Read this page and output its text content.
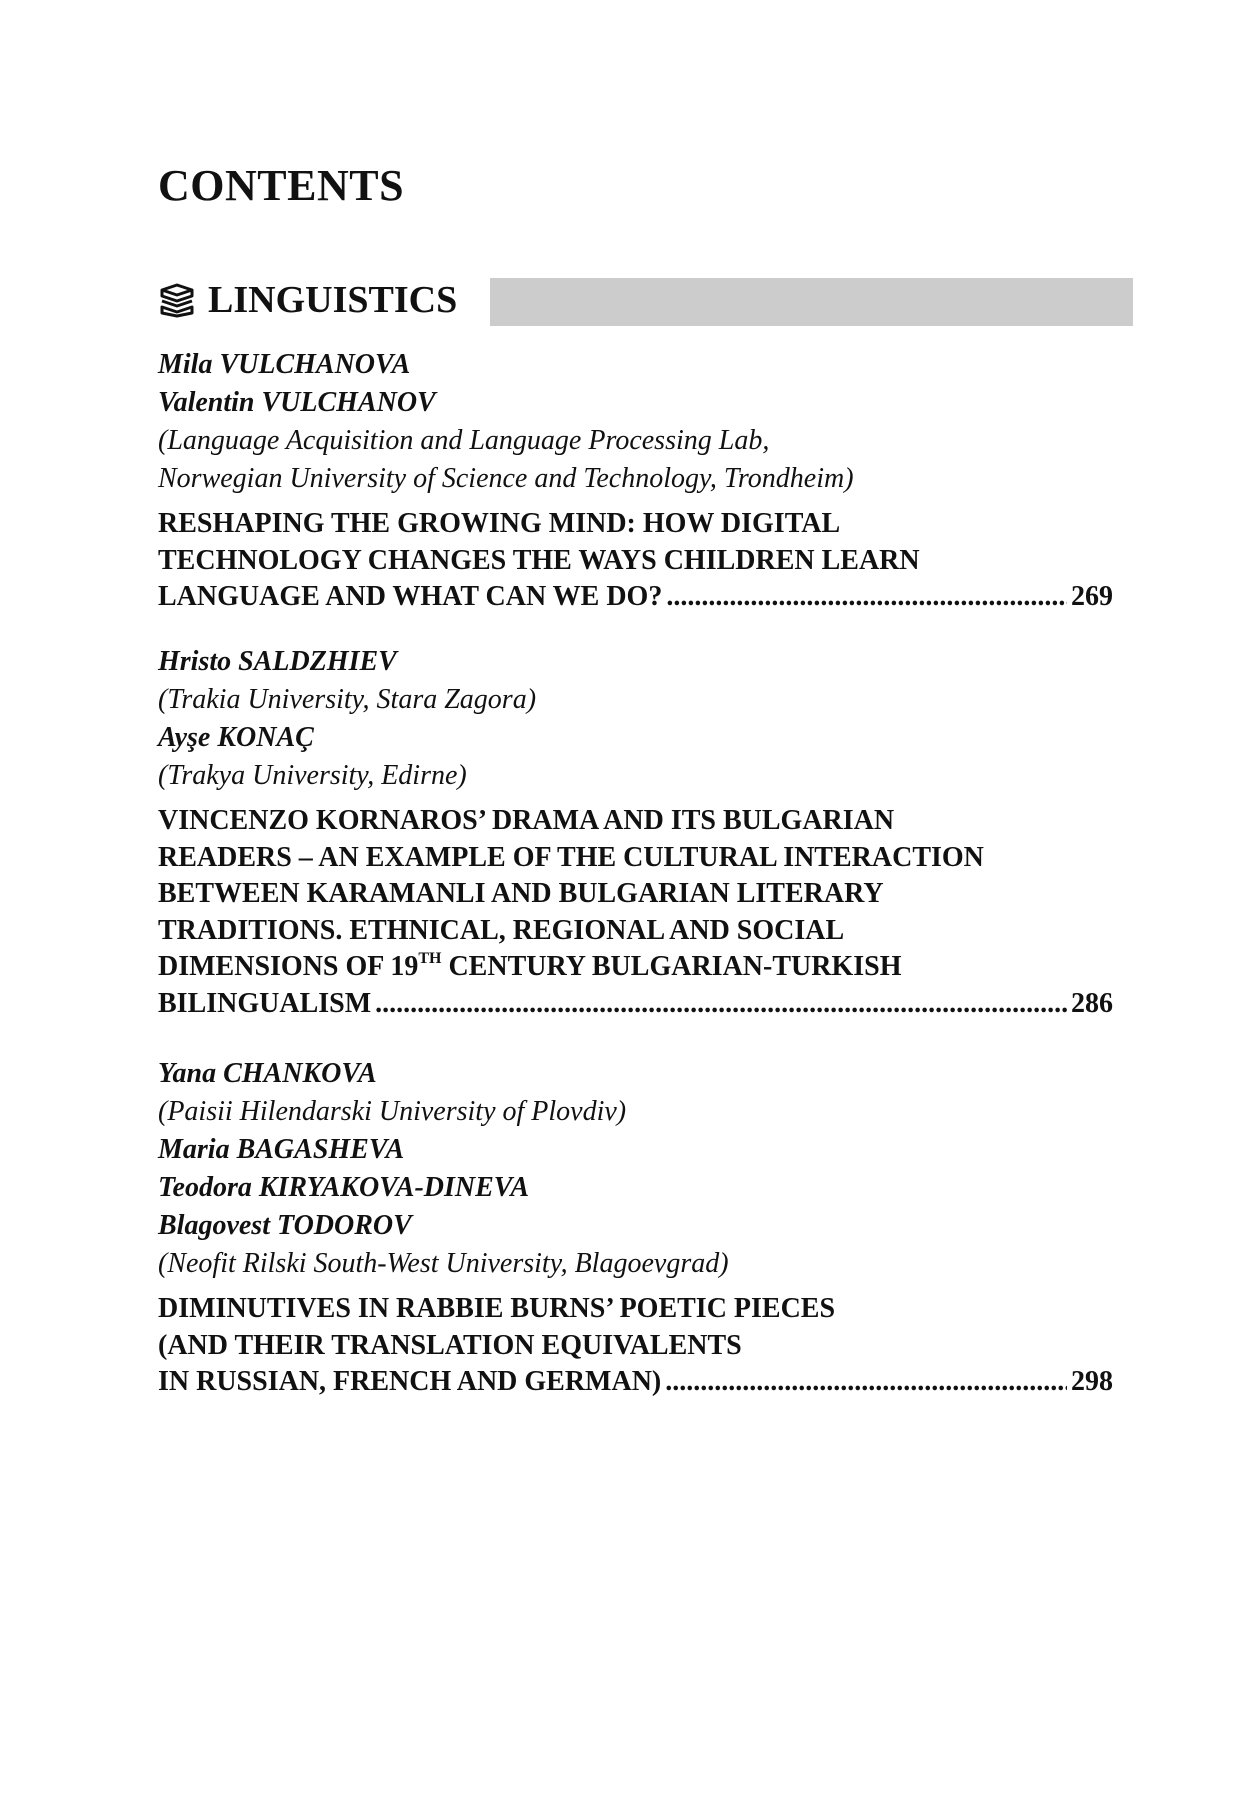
CONTENTS
LINGUISTICS
Mila VULCHANOVA
Valentin VULCHANOV
(Language Acquisition and Language Processing Lab,
Norwegian University of Science and Technology, Trondheim)
RESHAPING THE GROWING MIND: HOW DIGITAL
TECHNOLOGY CHANGES THE WAYS CHILDREN LEARN
LANGUAGE AND WHAT CAN WE DO? .....	269
Hristo SALDZHIEV
(Trakia University, Stara Zagora)
Ayşe KONAÇ
(Trakya University, Edirne)
VINCENZO KORNAROS’ DRAMA AND ITS BULGARIAN
READERS – AN EXAMPLE OF THE CULTURAL INTERACTION
BETWEEN KARAMANLI AND BULGARIAN LITERARY
TRADITIONS. ETHNICAL, REGIONAL AND SOCIAL
DIMENSIONS OF 19TH CENTURY BULGARIAN-TURKISH
BILINGUALISM .....	286
Yana CHANKOVA
(Paisii Hilendarski University of Plovdiv)
Maria BAGASHEVA
Teodora KIRYAKOVA-DINEVA
Blagovest TODOROV
(Neofit Rilski South-West University, Blagoevgrad)
DIMINUTIVES IN RABBIE BURNS’ POETIC PIECES
(AND THEIR TRANSLATION EQUIVALENTS
IN RUSSIAN, FRENCH AND GERMAN) .....	298
